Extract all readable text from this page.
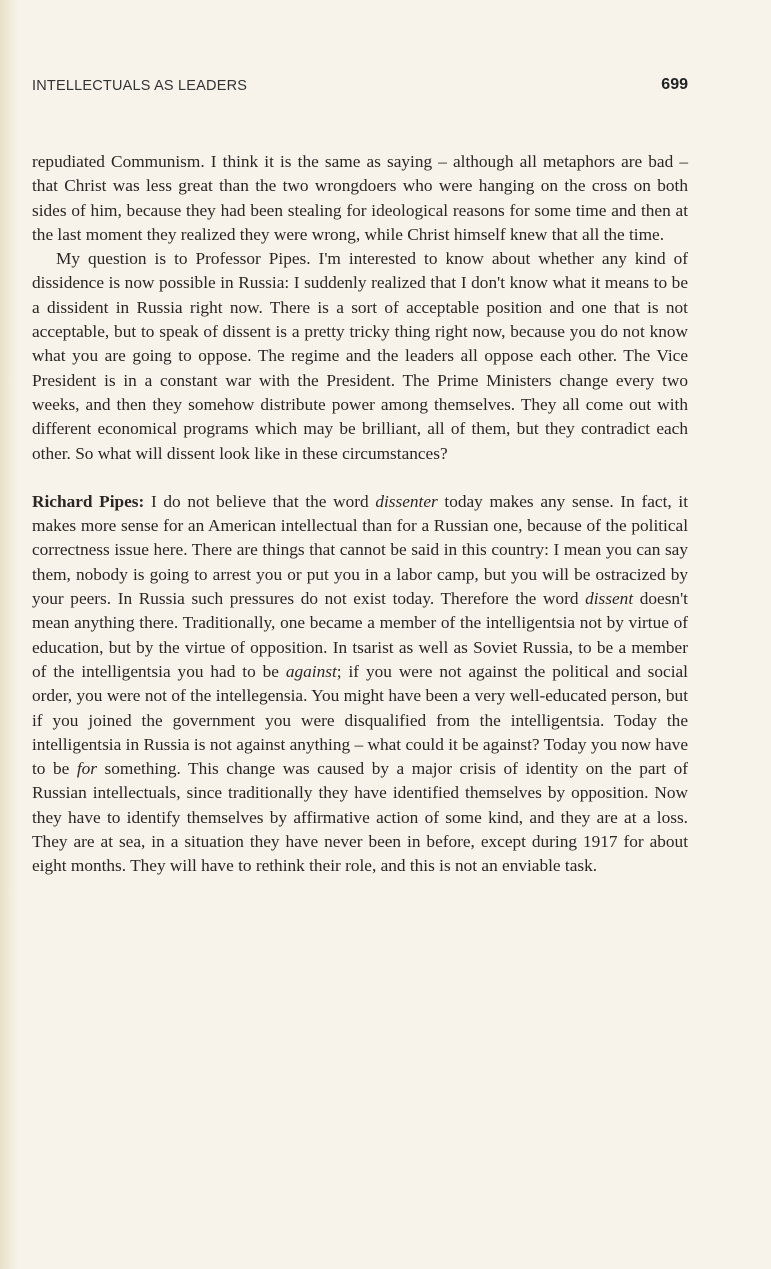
INTELLECTUALS AS LEADERS	699

repudiated Communism. I think it is the same as saying – although all metaphors are bad – that Christ was less great than the two wrongdoers who were hanging on the cross on both sides of him, because they had been stealing for ideological reasons for some time and then at the last moment they realized they were wrong, while Christ himself knew that all the time.

My question is to Professor Pipes. I'm interested to know about whether any kind of dissidence is now possible in Russia: I suddenly realized that I don't know what it means to be a dissident in Russia right now. There is a sort of acceptable position and one that is not acceptable, but to speak of dissent is a pretty tricky thing right now, because you do not know what you are going to oppose. The regime and the leaders all oppose each other. The Vice President is in a constant war with the President. The Prime Ministers change every two weeks, and then they somehow distribute power among themselves. They all come out with different economical programs which may be brilliant, all of them, but they contradict each other. So what will dissent look like in these circumstances?

Richard Pipes: I do not believe that the word dissenter today makes any sense. In fact, it makes more sense for an American intellectual than for a Russian one, because of the political correctness issue here. There are things that cannot be said in this country: I mean you can say them, nobody is going to arrest you or put you in a labor camp, but you will be ostracized by your peers. In Russia such pressures do not exist today. Therefore the word dissent doesn't mean anything there. Traditionally, one became a member of the intelligentsia not by virtue of education, but by the virtue of opposition. In tsarist as well as Soviet Russia, to be a member of the intelligentsia you had to be against; if you were not against the political and social order, you were not of the intellegensia. You might have been a very well-educated person, but if you joined the government you were disqualified from the intelligentsia. Today the intelligentsia in Russia is not against anything – what could it be against? Today you now have to be for something. This change was caused by a major crisis of identity on the part of Russian intellectuals, since traditionally they have identified themselves by opposition. Now they have to identify themselves by affirmative action of some kind, and they are at a loss. They are at sea, in a situation they have never been in before, except during 1917 for about eight months. They will have to rethink their role, and this is not an enviable task.
